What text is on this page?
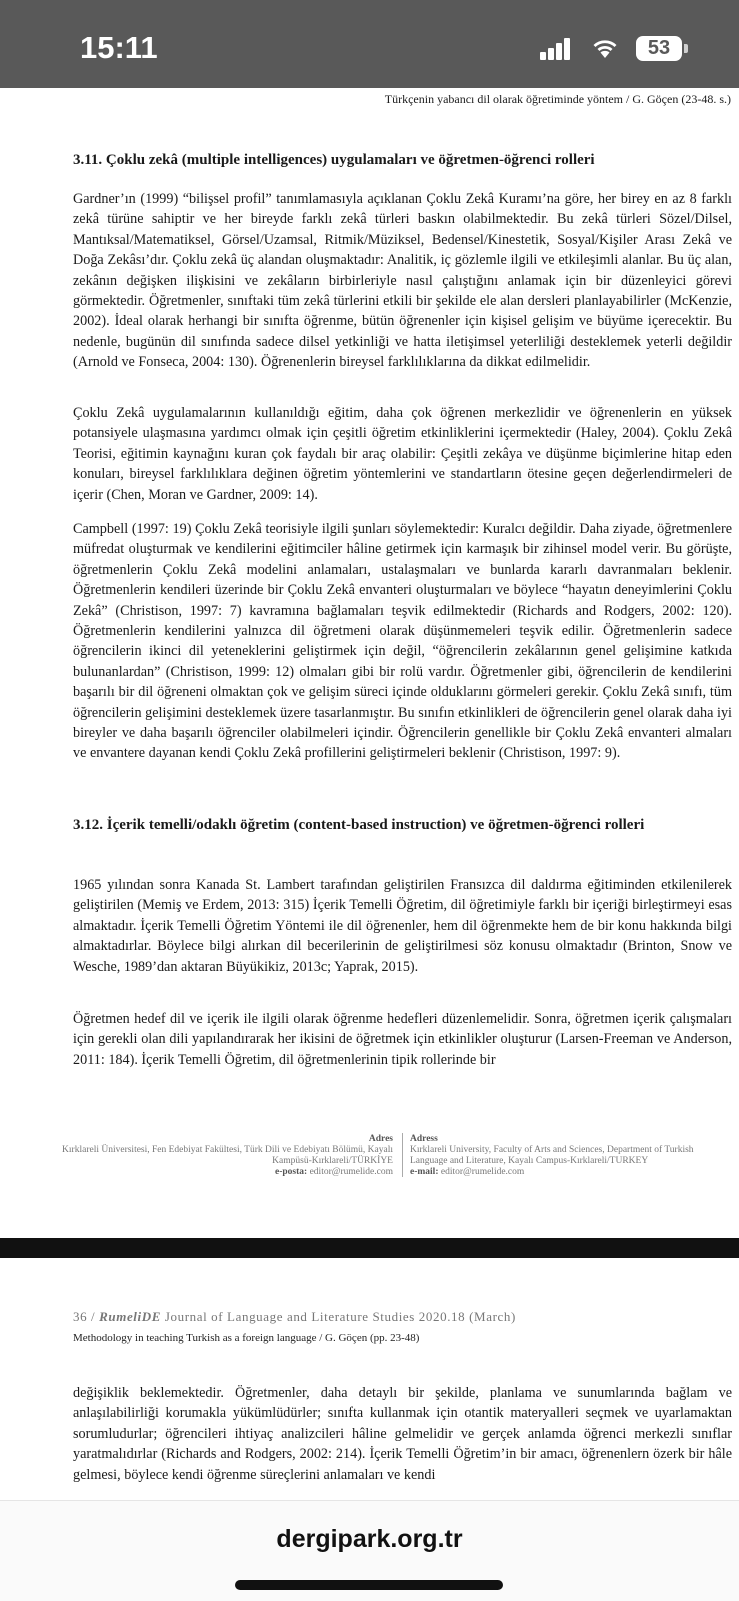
15:11	53
Türkçenin yabancı dil olarak öğretiminde yöntem / G. Göçen (23-48. s.)
3.11. Çoklu zekâ (multiple intelligences) uygulamaları ve öğretmen-öğrenci rolleri

Gardner’ın (1999) “bilişsel profil” tanımlamasıyla açıklanan Çoklu Zekâ Kuramı’na göre, her birey en az 8 farklı zekâ türüne sahiptir ve her bireyde farklı zekâ türleri baskın olabilmektedir. Bu zekâ türleri Sözel/Dilsel, Mantıksal/Matematiksel, Görsel/Uzamsal, Ritmik/Müziksel, Bedensel/Kinestetik, Sosyal/Kişiler Arası Zekâ ve Doğa Zekâsı’dır. Çoklu zekâ üç alandan oluşmaktadır: Analitik, iç gözlemle ilgili ve etkileşimli alanlar. Bu üç alan, zekânın değişken ilişkisini ve zekâların birbirleriyle nasıl çalıştığını anlamak için bir düzenleyici görevi görmektedir. Öğretmenler, sınıftaki tüm zekâ türlerini etkili bir şekilde ele alan dersleri planlayabilirler (McKenzie, 2002). İdeal olarak herhangi bir sınıfta öğrenme, bütün öğrenenler için kişisel gelişim ve büyüme içerecektir. Bu nedenle, bugünün dil sınıfında sadece dilsel yetkinliği ve hatta iletişimsel yeterliliği desteklemek yeterli değildir (Arnold ve Fonseca, 2004: 130). Öğrenenlerin bireysel farklılıklarına da dikkat edilmelidir.

Çoklu Zekâ uygulamalarının kullanıldığı eğitim, daha çok öğrenen merkezlidir ve öğrenenlerin en yüksek potansiyele ulaşmasına yardımcı olmak için çeşitli öğretim etkinliklerini içermektedir (Haley, 2004). Çoklu Zekâ Teorisi, eğitimin kaynağını kuran çok faydalı bir araç olabilir: Çeşitli zekâya ve düşünme biçimlerine hitap eden konuları, bireysel farklılıklara değinen öğretim yöntemlerini ve standartların ötesine geçen değerlendirmeleri de içerir (Chen, Moran ve Gardner, 2009: 14).

Campbell (1997: 19) Çoklu Zekâ teorisiyle ilgili şunları söylemektedir: Kuralcı değildir. Daha ziyade, öğretmenlere müfredat oluşturmak ve kendilerini eğitimciler hâline getirmek için karmaşık bir zihinsel model verir. Bu görüşte, öğretmenlerin Çoklu Zekâ modelini anlamaları, ustalaşmaları ve bunlarda kararlı davranmaları beklenir. Öğretmenlerin kendileri üzerinde bir Çoklu Zekâ envanteri oluşturmaları ve böylece “hayatın deneyimlerini Çoklu Zekâ” (Christison, 1997: 7) kavramına bağlamaları teşvik edilmektedir (Richards and Rodgers, 2002: 120). Öğretmenlerin kendilerini yalnızca dil öğretmeni olarak düşünmemeleri teşvik edilir. Öğretmenlerin sadece öğrencilerin ikinci dil yeteneklerini geliştirmek için değil, “öğrencilerin zekâlarının genel gelişimine katkıda bulunanlardan” (Christison, 1999: 12) olmaları gibi bir rolü vardır. Öğretmenler gibi, öğrencilerin de kendilerini başarılı bir dil öğreneni olmaktan çok ve gelişim süreci içinde olduklarını görmeleri gerekir. Çoklu Zekâ sınıfı, tüm öğrencilerin gelişimini desteklemek üzere tasarlanmıştır. Bu sınıfın etkinlikleri de öğrencilerin genel olarak daha iyi bireyler ve daha başarılı öğrenciler olabilmeleri içindir. Öğrencilerin genellikle bir Çoklu Zekâ envanteri almaları ve envantere dayanan kendi Çoklu Zekâ profillerini geliştirmeleri beklenir (Christison, 1997: 9).

3.12. İçerik temelli/odaklı öğretim (content-based instruction) ve öğretmen-öğrenci rolleri

1965 yılından sonra Kanada St. Lambert tarafından geliştirilen Fransızca dil daldırma eğitiminden etkilenilerek geliştirilen (Memiş ve Erdem, 2013: 315) İçerik Temelli Öğretim, dil öğretimiyle farklı bir içeriği birleştirmeyi esas almaktadır. İçerik Temelli Öğretim Yöntemi ile dil öğrenenler, hem dil öğrenmekte hem de bir konu hakkında bilgi almaktadırlar. Böylece bilgi alırkan dil becerilerinin de geliştirilmesi söz konusu olmaktadır (Brinton, Snow ve Wesche, 1989’dan aktaran Büyükikiz, 2013c; Yaprak, 2015).

Öğretmen hedef dil ve içerik ile ilgili olarak öğrenme hedefleri düzenlemelidir. Sonra, öğretmen içerik çalışmaları için gerekli olan dili yapılandırarak her ikisini de öğretmek için etkinlikler oluşturur (Larsen-Freeman ve Anderson, 2011: 184). İçerik Temelli Öğretim, dil öğretmenlerinin tipik rollerinde bir

Adres
Kırklareli Üniversitesi, Fen Edebiyat Fakültesi, Türk Dili ve Edebiyatı Bölümü, Kayalı Kampüsü-Kırklareli/TÜRKİYE
e-posta: editor@rumelide.com
Adress
Kırklareli University, Faculty of Arts and Sciences, Department of Turkish Language and Literature, Kayalı Campus-Kırklareli/TURKEY
e-mail: editor@rumelide.com
36 / RumeliDE Journal of Language and Literature Studies 2020.18 (March)
Methodology in teaching Turkish as a foreign language / G. Göçen (pp. 23-48)

değişiklik beklemektedir. Öğretmenler, daha detaylı bir şekilde, planlama ve sunumlarında bağlam ve anlaşılabilirliği korumakla yükümlüdürler; sınıfta kullanmak için otantik materyalleri seçmek ve uyarlamaktan sorumludurlar; öğrencileri ihtiyaç analizcileri hâline gelmelidir ve gerçek anlamda öğrenci merkezli sınıflar yaratmalıdırlar (Richards and Rodgers, 2002: 214). İçerik Temelli Öğretim’in bir amacı, öğrenenlern özerk bir hâle gelmesi, böylece kendi öğrenme süreçlerini anlamaları ve kendi

dergipark.org.tr
